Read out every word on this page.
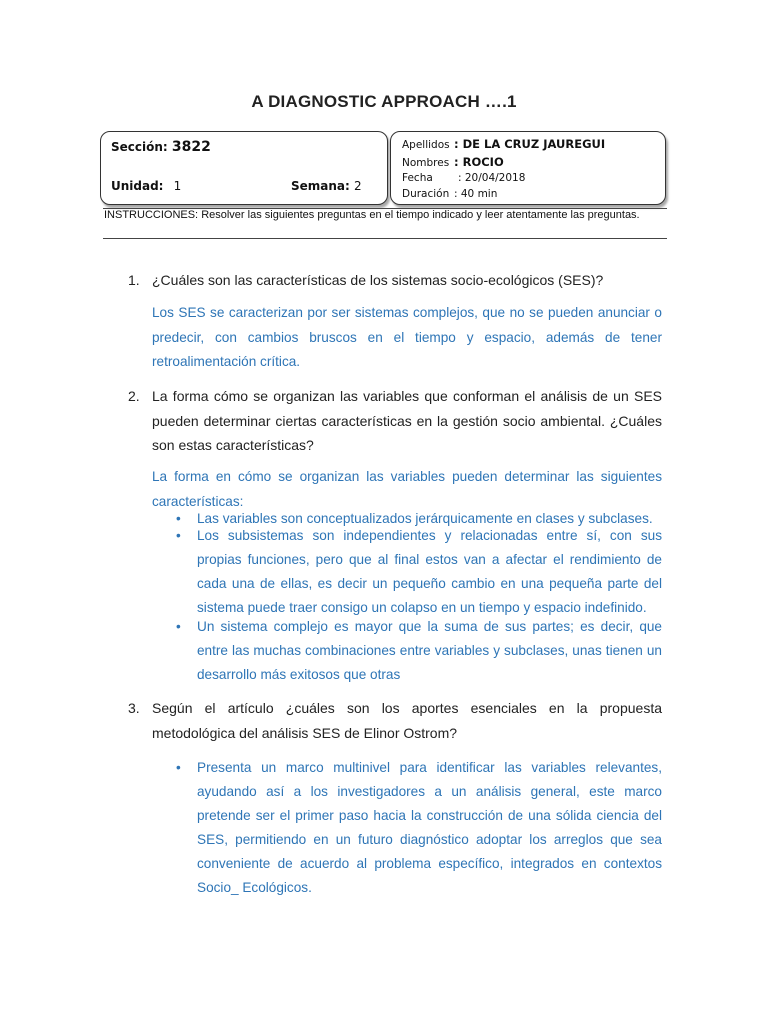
A DIAGNOSTIC APPROACH ….1
Sección: 3822
Unidad: 1	Semana: 2
Apellidos : DE LA CRUZ JAUREGUI
Nombres : ROCIO
Fecha : 20/04/2018
Duración : 40 min
INSTRUCCIONES: Resolver las siguientes preguntas en el tiempo indicado y leer atentamente las preguntas.
1. ¿Cuáles son las características de los sistemas socio-ecológicos (SES)?
Los SES se caracterizan por ser sistemas complejos, que no se pueden anunciar o predecir, con cambios bruscos en el tiempo y espacio, además de tener retroalimentación crítica.
2. La forma cómo se organizan las variables que conforman el análisis de un SES pueden determinar ciertas características en la gestión socio ambiental. ¿Cuáles son estas características?
La forma en cómo se organizan las variables pueden determinar las siguientes características:
• Las variables son conceptualizados jerárquicamente en clases y subclases.
• Los subsistemas son independientes y relacionadas entre sí, con sus propias funciones, pero que al final estos van a afectar el rendimiento de cada una de ellas, es decir un pequeño cambio en una pequeña parte del sistema puede traer consigo un colapso en un tiempo y espacio indefinido.
• Un sistema complejo es mayor que la suma de sus partes; es decir, que entre las muchas combinaciones entre variables y subclases, unas tienen un desarrollo más exitosos que otras
3. Según el artículo ¿cuáles son los aportes esenciales en la propuesta metodológica del análisis SES de Elinor Ostrom?
• Presenta un marco multinivel para identificar las variables relevantes, ayudando así a los investigadores a un análisis general, este marco pretende ser el primer paso hacia la construcción de una sólida ciencia del SES, permitiendo en un futuro diagnóstico adoptar los arreglos que sea conveniente de acuerdo al problema específico, integrados en contextos Socio_ Ecológicos.
